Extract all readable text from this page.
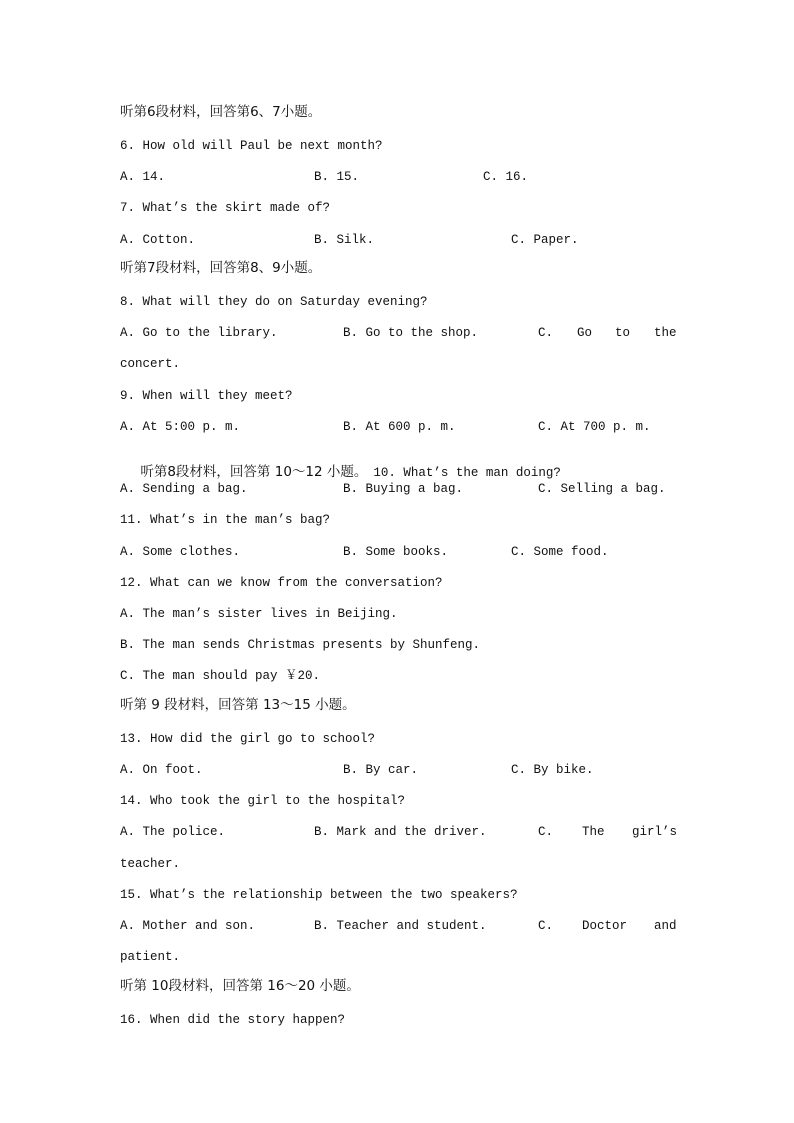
听第6段材料，回答第6、7小题。
6. How old will Paul be next month?
A. 14.	B. 15.	C. 16.
7. What’s the skirt made of?
A. Cotton.	B. Silk.	C. Paper.
听第7段材料，回答第8、9小题。
8. What will they do on Saturday evening?
A. Go to the library.	B. Go to the shop.	C. Go to the
concert.
9. When will they meet?
A. At 5:00 p. m.	B. At 600 p. m.	C. At 700 p. m.

听第8段材料，回答第 10～12 小题。 10. What’s the man doing?

A. Sending a bag.	B. Buying a bag.	C. Selling a bag.
11. What’s in the man’s bag?
A. Some clothes.	B. Some books.	C. Some food.
12. What can we know from the conversation?
A. The man’s sister lives in Beijing.
B. The man sends Christmas presents by Shunfeng.
C. The man should pay ￥20.
听第 9 段材料，回答第 13～15 小题。
13. How did the girl go to school?
A. On foot.	B. By car.	C. By bike.
14. Who took the girl to the hospital?
A. The police.	B. Mark and the driver.	C. The girl’s
teacher.
15. What’s the relationship between the two speakers?
A. Mother and son.	B. Teacher and student.	C. Doctor and
patient.
听第 10段材料，回答第 16～20 小题。
16. When did the story happen?
